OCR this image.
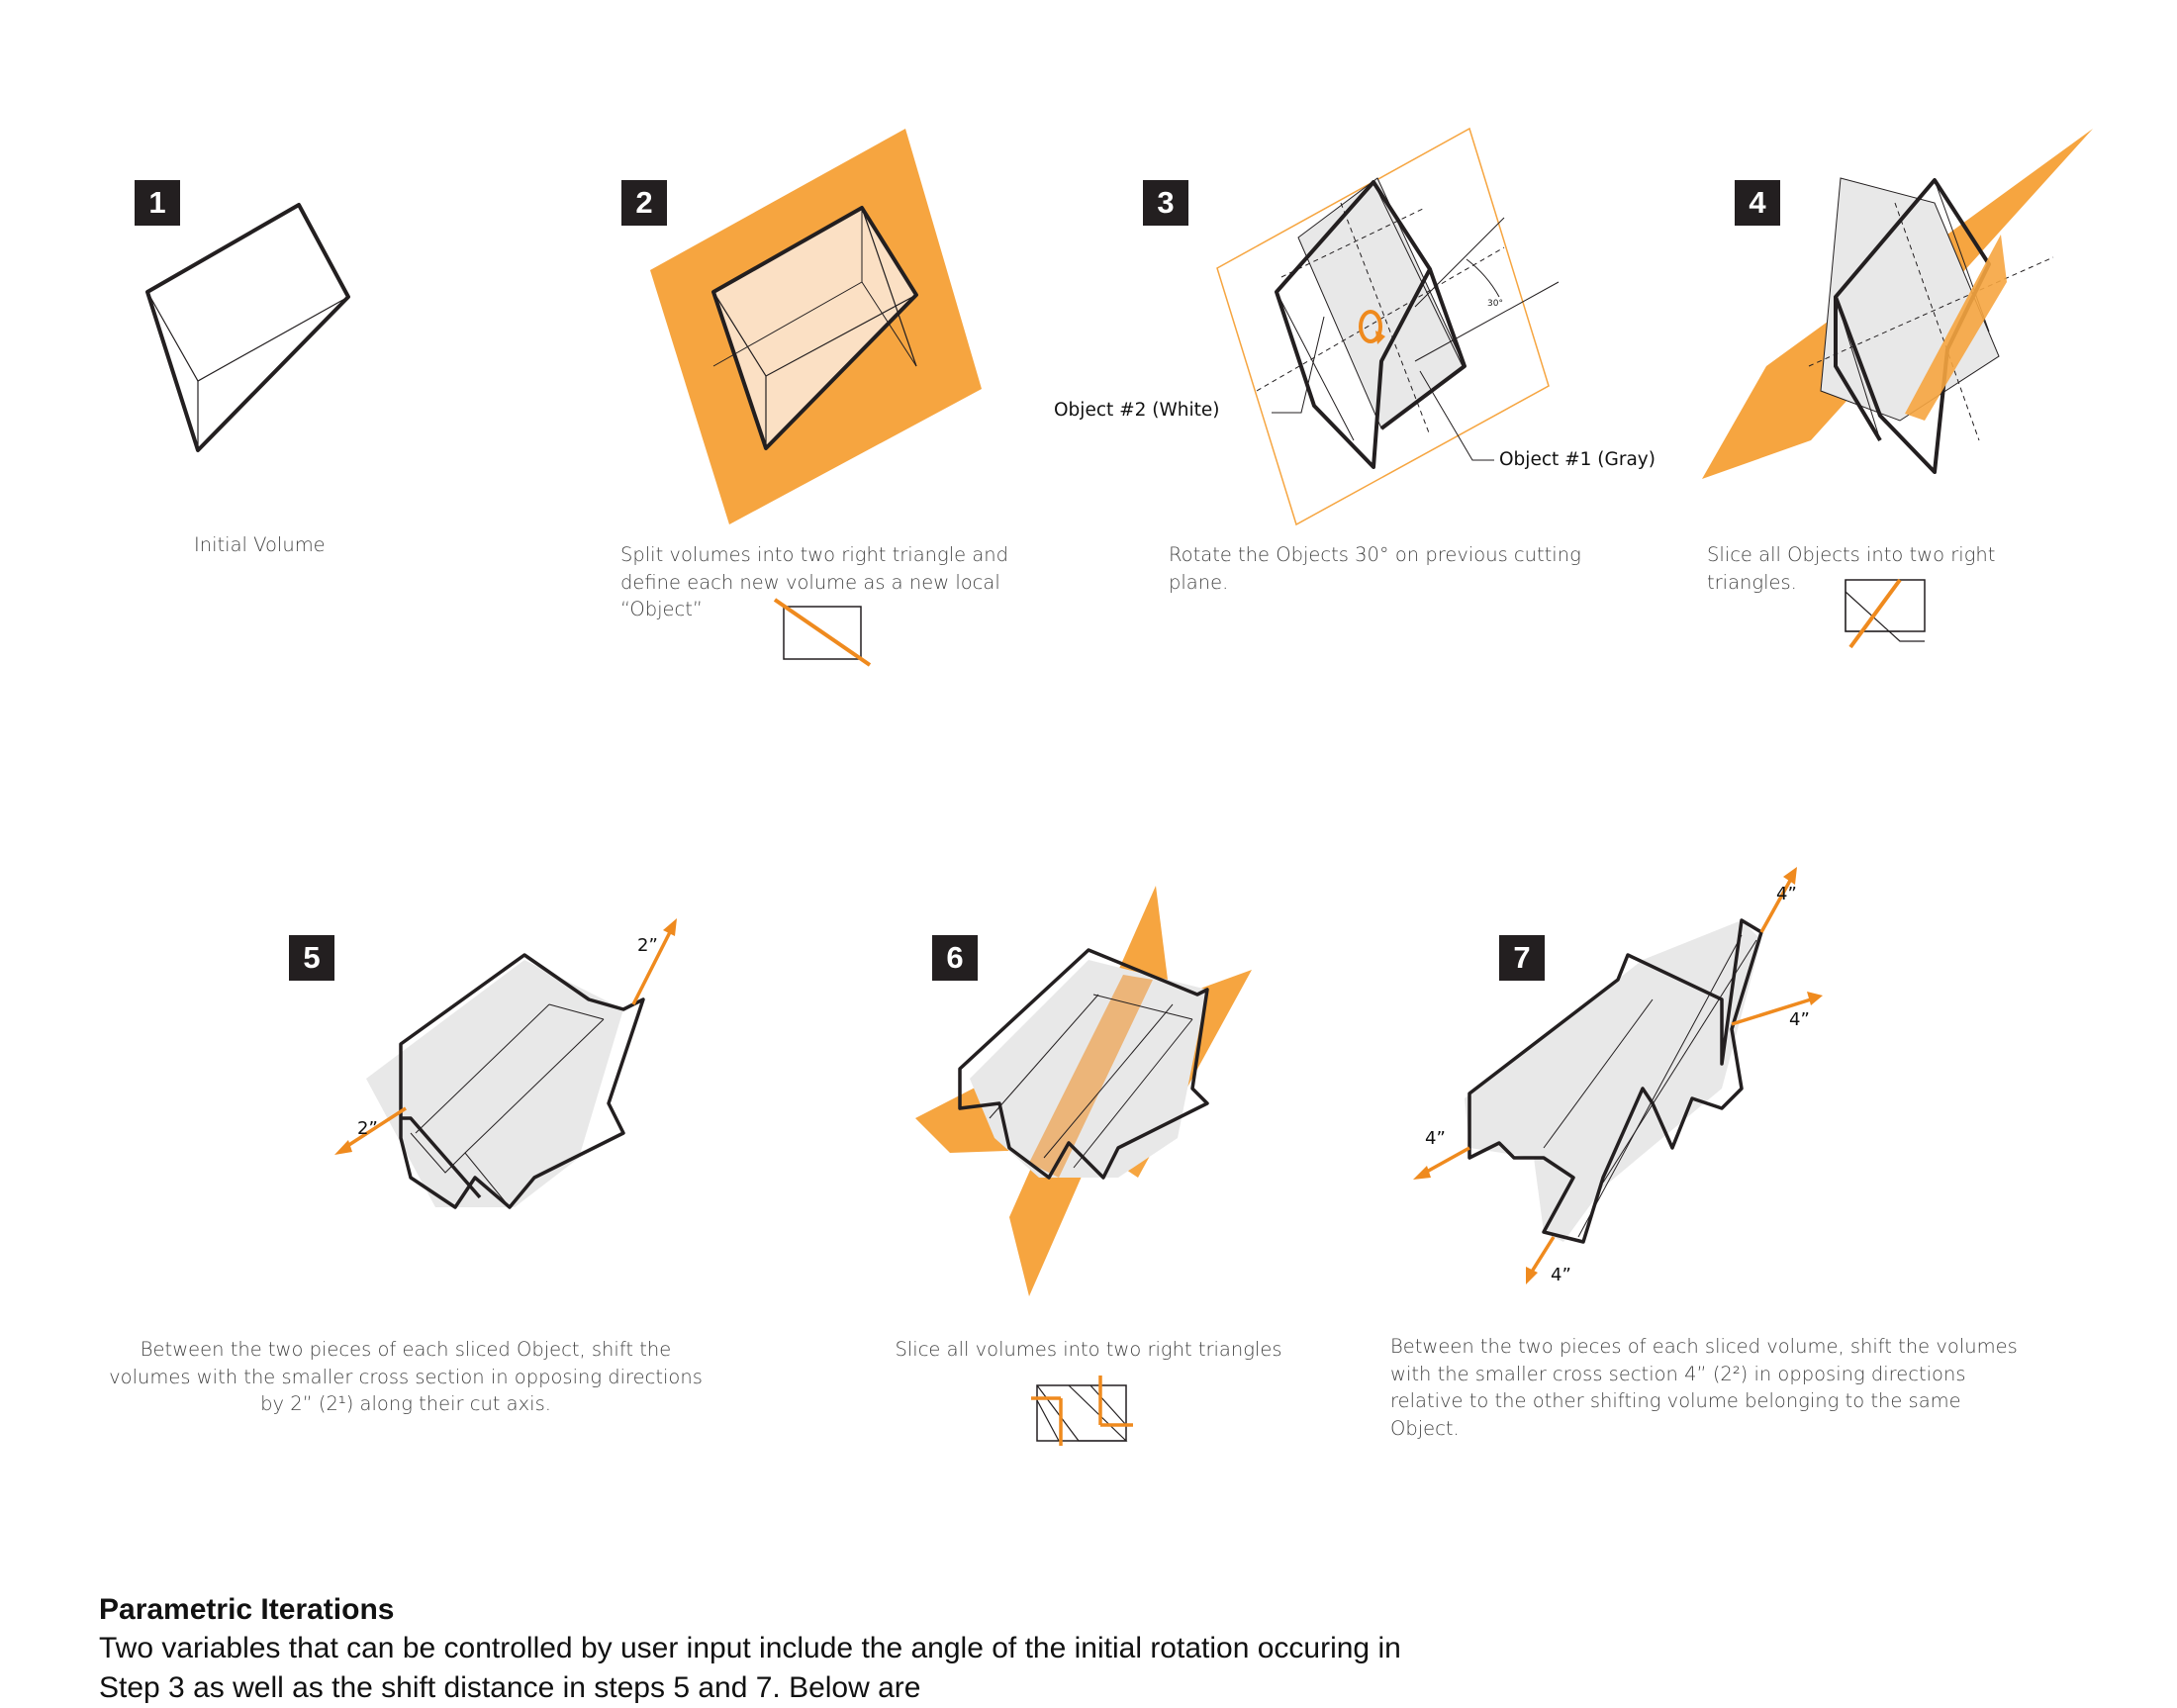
1
Initial Volume
2
Split volumes into two right triangle and define each new volume as a new local “Object”
3
30°
Object #2 (White)
Object #1 (Gray)
Rotate the Objects 30° on previous cutting plane.
4
Slice all Objects into two right triangles.
5	2”
2”
Between the two pieces of each sliced Object, shift the volumes with the smaller cross section in opposing directions by 2” (2¹) along their cut axis.
6
Slice all volumes into two right triangles
7
4”
4”
4”
4”
Between the two pieces of each sliced volume, shift the volumes with the smaller cross section 4” (2²) in opposing directions relative to the other shifting volume belonging to the same Object.
Parametric Iterations
Two variables that can be controlled by user input include the angle of the initial rotation occuring in Step 3 as well as the shift distance in steps 5 and 7. Below are
